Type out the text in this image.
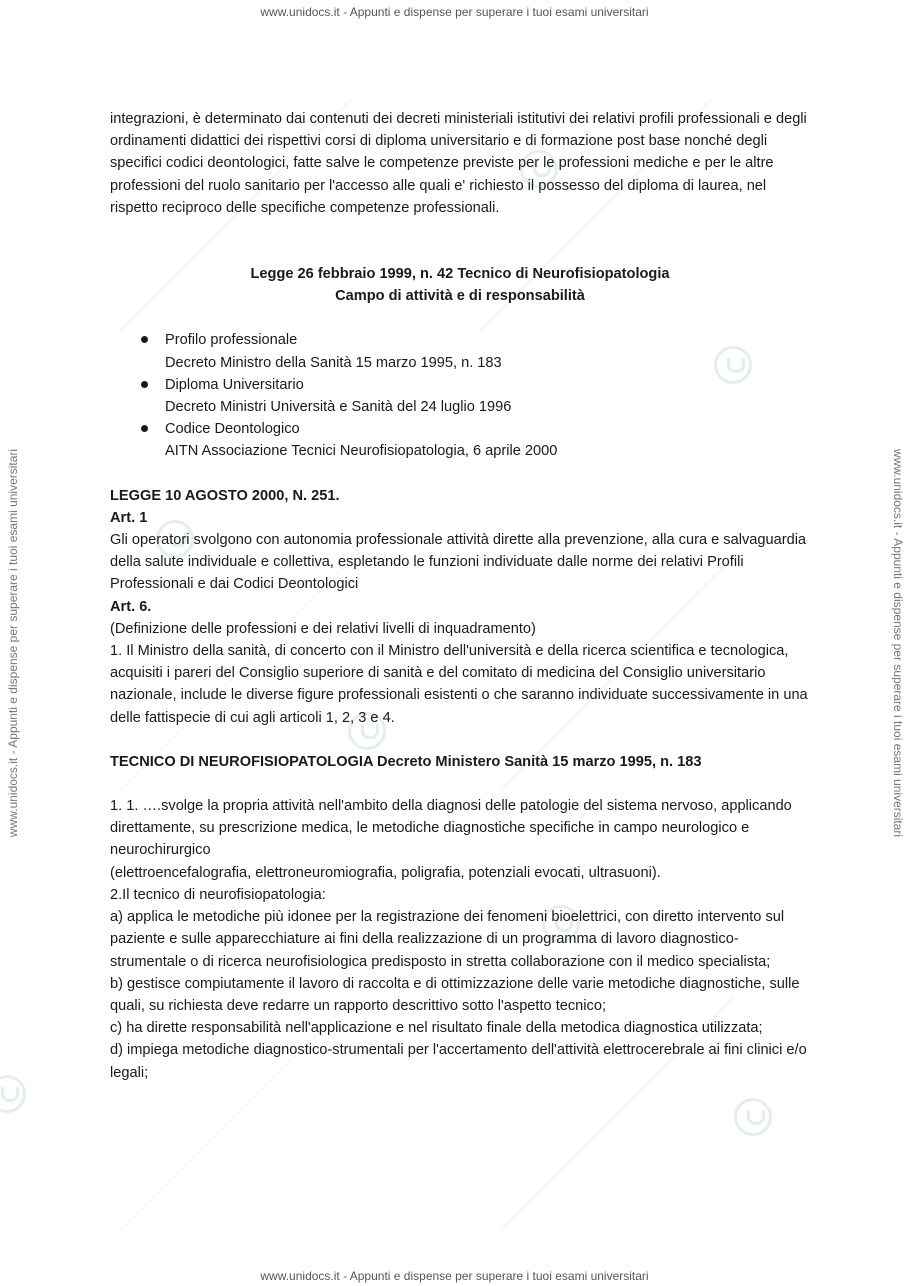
www.unidocs.it - Appunti e dispense per superare i tuoi esami universitari
www.unidocs.it - Appunti e dispense per superare i tuoi esami universitari	www.unidocs.it - Appunti e dispense per superare i tuoi esami universitari

integrazioni, è determinato dai contenuti dei decreti ministeriali istitutivi dei relativi profili professionali e degli ordinamenti didattici dei rispettivi corsi di diploma universitario e di formazione post base nonché degli specifici codici deontologici, fatte salve le competenze previste per le professioni mediche e per le altre professioni del ruolo sanitario per l'accesso alle quali e' richiesto il possesso del diploma di laurea, nel rispetto reciproco delle specifiche competenze professionali.

Legge 26 febbraio 1999, n. 42 Tecnico di Neurofisiopatologia

Campo di attività e di responsabilità

Profilo professionale
Decreto Ministro della Sanità 15 marzo 1995, n. 183
Diploma Universitario
Decreto Ministri Università e Sanità del 24 luglio 1996
Codice Deontologico
AITN Associazione Tecnici Neurofisiopatologia, 6 aprile 2000

LEGGE 10 AGOSTO 2000, N. 251.

Art. 1

Gli operatori svolgono con autonomia professionale attività dirette alla prevenzione, alla cura e salvaguardia della salute individuale e collettiva, espletando le funzioni individuate dalle norme dei relativi Profili Professionali e dai Codici Deontologici

Art. 6.

(Definizione delle professioni e dei relativi livelli di inquadramento)

1. Il Ministro della sanità, di concerto con il Ministro dell'università e della ricerca scientifica e tecnologica, acquisiti i pareri del Consiglio superiore di sanità e del comitato di medicina del Consiglio universitario nazionale, include le diverse figure professionali esistenti o che saranno individuate successivamente in una delle fattispecie di cui agli articoli 1, 2, 3 e 4.

TECNICO DI NEUROFISIOPATOLOGIA Decreto Ministero Sanità 15 marzo 1995, n. 183

1. 1. ….svolge la propria attività nell'ambito della diagnosi delle patologie del sistema nervoso, applicando direttamente, su prescrizione medica, le metodiche diagnostiche specifiche in campo neurologico e neurochirurgico

(elettroencefalografia, elettroneuromiografia, poligrafia, potenziali evocati, ultrasuoni).

2.Il tecnico di neurofisiopatologia:

a) applica le metodiche più idonee per la registrazione dei fenomeni bioelettrici, con diretto intervento sul paziente e sulle apparecchiature ai fini della realizzazione di un programma di lavoro diagnostico-strumentale o di ricerca neurofisiologica predisposto in stretta collaborazione con il medico specialista;

b) gestisce compiutamente il lavoro di raccolta e di ottimizzazione delle varie metodiche diagnostiche, sulle quali, su richiesta deve redarre un rapporto descrittivo sotto l'aspetto tecnico;

c) ha dirette responsabilità nell'applicazione e nel risultato finale della metodica diagnostica utilizzata;

d) impiega metodiche diagnostico-strumentali per l'accertamento dell'attività elettrocerebrale ai fini clinici e/o legali;

www.unidocs.it - Appunti e dispense per superare i tuoi esami universitari
